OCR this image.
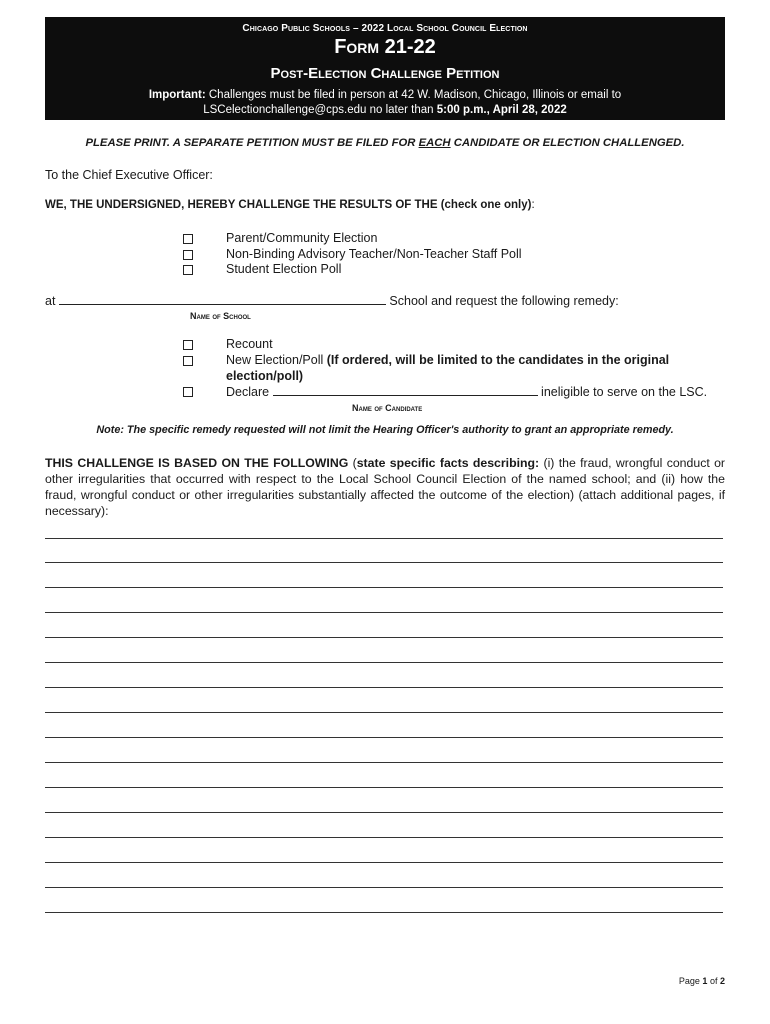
Chicago Public Schools – 2022 Local School Council Election
Form 21-22
Post-Election Challenge Petition
Important: Challenges must be filed in person at 42 W. Madison, Chicago, Illinois or email to
LSCelectionchallenge@cps.edu no later than 5:00 p.m., April 28, 2022
PLEASE PRINT. A SEPARATE PETITION MUST BE FILED FOR EACH CANDIDATE OR ELECTION CHALLENGED.
To the Chief Executive Officer:
WE, THE UNDERSIGNED, HEREBY CHALLENGE THE RESULTS OF THE (check one only):
Parent/Community Election
Non-Binding Advisory Teacher/Non-Teacher Staff Poll
Student Election Poll
at	School and request the following remedy:
Name of School
Recount
New Election/Poll (If ordered, will be limited to the candidates in the original
election/poll)
Declare	ineligible to serve on the LSC.
Name of Candidate
Note: The specific remedy requested will not limit the Hearing Officer's authority to grant an appropriate remedy.
THIS CHALLENGE IS BASED ON THE FOLLOWING (state specific facts describing: (i) the fraud, wrongful conduct or other irregularities that occurred with respect to the Local School Council Election of the named school; and (ii) how the fraud, wrongful conduct or other irregularities substantially affected the outcome of the election) (attach additional pages, if necessary):
Page 1 of 2
